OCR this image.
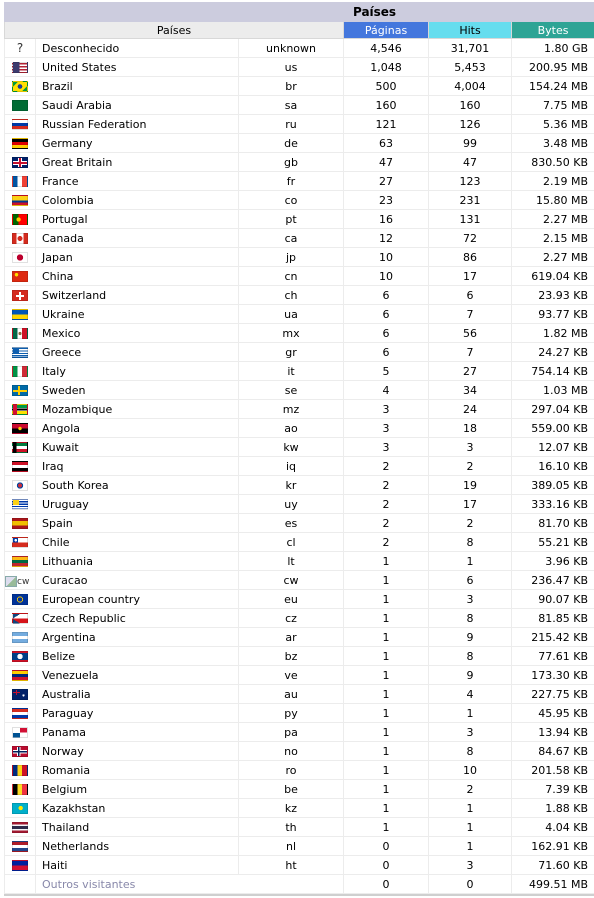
Países					
Países			Páginas	Hits	Bytes
?	Desconhecido	unknown	4,546	31,701	1.80 GB
	United States	us	1,048	5,453	200.95 MB
	Brazil	br	500	4,004	154.24 MB
	Saudi Arabia	sa	160	160	7.75 MB
	Russian Federation	ru	121	126	5.36 MB
	Germany	de	63	99	3.48 MB
	Great Britain	gb	47	47	830.50 KB
	France	fr	27	123	2.19 MB
	Colombia	co	23	231	15.80 MB
	Portugal	pt	16	131	2.27 MB
	Canada	ca	12	72	2.15 MB
	Japan	jp	10	86	2.27 MB
	China	cn	10	17	619.04 KB
	Switzerland	ch	6	6	23.93 KB
	Ukraine	ua	6	7	93.77 KB
	Mexico	mx	6	56	1.82 MB
	Greece	gr	6	7	24.27 KB
	Italy	it	5	27	754.14 KB
	Sweden	se	4	34	1.03 MB
	Mozambique	mz	3	24	297.04 KB
	Angola	ao	3	18	559.00 KB
	Kuwait	kw	3	3	12.07 KB
	Iraq	iq	2	2	16.10 KB
	South Korea	kr	2	19	389.05 KB
	Uruguay	uy	2	17	333.16 KB
	Spain	es	2	2	81.70 KB
	Chile	cl	2	8	55.21 KB
	Lithuania	lt	1	1	3.96 KB
cw	Curacao	cw	1	6	236.47 KB
	European country	eu	1	3	90.07 KB
	Czech Republic	cz	1	8	81.85 KB
	Argentina	ar	1	9	215.42 KB
	Belize	bz	1	8	77.61 KB
	Venezuela	ve	1	9	173.30 KB
	Australia	au	1	4	227.75 KB
	Paraguay	py	1	1	45.95 KB
	Panama	pa	1	3	13.94 KB
	Norway	no	1	8	84.67 KB
	Romania	ro	1	10	201.58 KB
	Belgium	be	1	2	7.39 KB
	Kazakhstan	kz	1	1	1.88 KB
	Thailand	th	1	1	4.04 KB
	Netherlands	nl	0	1	162.91 KB
	Haiti	ht	0	3	71.60 KB
	Outros visitantes		0	0	499.51 MB
